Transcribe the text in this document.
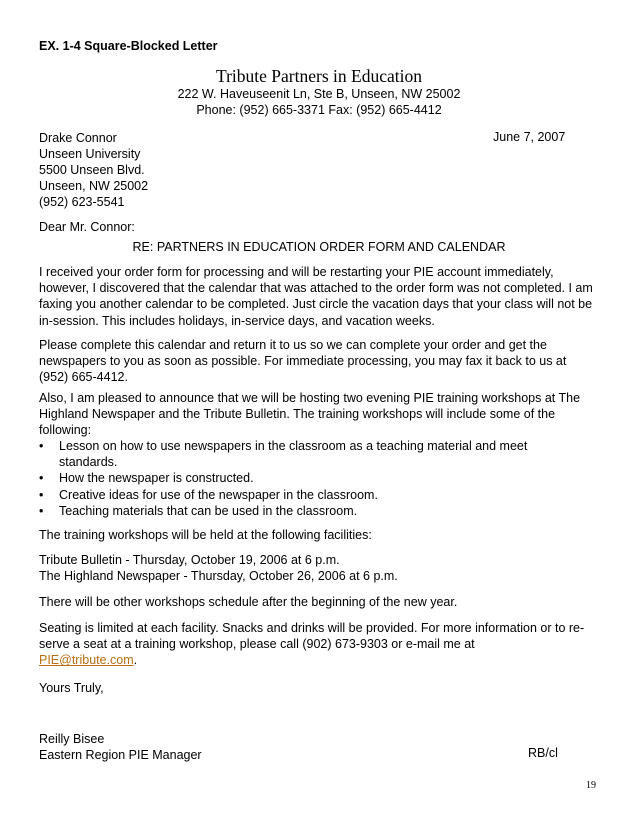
EX. 1-4 Square-Blocked Letter
Tribute Partners in Education
222 W. Haveuseenit Ln, Ste B, Unseen, NW 25002
Phone: (952) 665-3371 Fax: (952) 665-4412
Drake Connor	June 7, 2007
Unseen University
5500 Unseen Blvd.
Unseen, NW 25002
(952) 623-5541
Dear Mr. Connor:
RE: PARTNERS IN EDUCATION ORDER FORM AND CALENDAR
I received your order form for processing and will be restarting your PIE account immediately,
however, I discovered that the calendar that was attached to the order form was not completed. I am
faxing you another calendar to be completed. Just circle the vacation days that your class will not be
in-session. This includes holidays, in-service days, and vacation weeks.
Please complete this calendar and return it to us so we can complete your order and get the
newspapers to you as soon as possible. For immediate processing, you may fax it back to us at
(952) 665-4412.
Also, I am pleased to announce that we will be hosting two evening PIE training workshops at The
Highland Newspaper and the Tribute Bulletin. The training workshops will include some of the
following:
• Lesson on how to use newspapers in the classroom as a teaching material and meet
standards.
• How the newspaper is constructed.
• Creative ideas for use of the newspaper in the classroom.
• Teaching materials that can be used in the classroom.
The training workshops will be held at the following facilities:
Tribute Bulletin - Thursday, October 19, 2006 at 6 p.m.
The Highland Newspaper - Thursday, October 26, 2006 at 6 p.m.
There will be other workshops schedule after the beginning of the new year.
Seating is limited at each facility. Snacks and drinks will be provided. For more information or to re-
serve a seat at a training workshop, please call (902) 673-9303 or e-mail me at
PIE@tribute.com.
Yours Truly,
Reilly Bisee
Eastern Region PIE Manager	RB/cl
19
